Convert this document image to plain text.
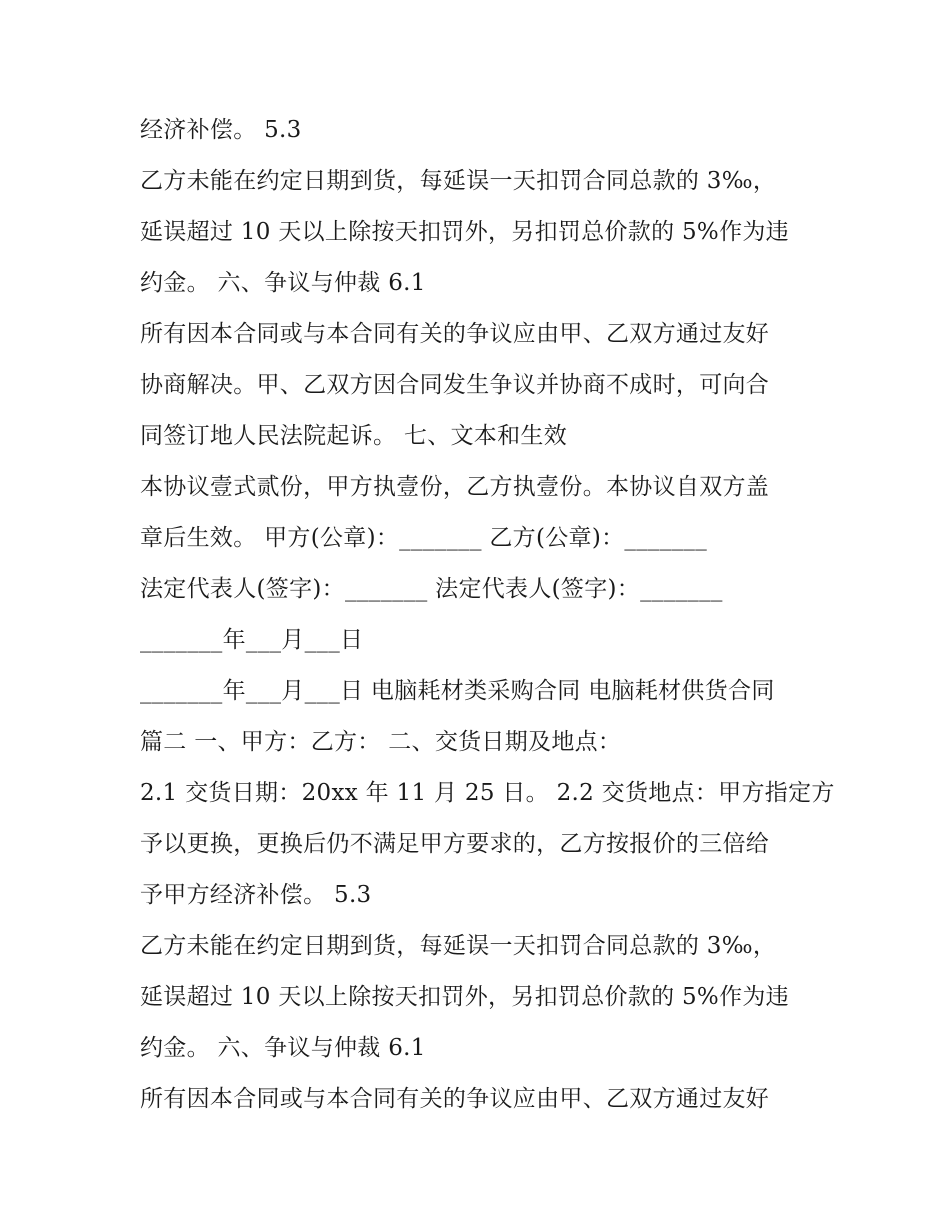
经济补偿。 5.3
乙方未能在约定日期到货，每延误一天扣罚合同总款的 3‰，
延误超过 10 天以上除按天扣罚外，另扣罚总价款的 5%作为违
约金。 六、争议与仲裁 6.1
所有因本合同或与本合同有关的争议应由甲、乙双方通过友好
协商解决。甲、乙双方因合同发生争议并协商不成时，可向合
同签订地人民法院起诉。 七、文本和生效
本协议壹式贰份，甲方执壹份，乙方执壹份。本协议自双方盖
章后生效。 甲方(公章)：_______ 乙方(公章)：_______
法定代表人(签字)：_______ 法定代表人(签字)：_______
_______年___月___日
_______年___月___日 电脑耗材类采购合同 电脑耗材供货合同
篇二 一、甲方：乙方： 二、交货日期及地点：
2.1 交货日期：20xx 年 11 月 25 日。 2.2 交货地点：甲方指定方
予以更换，更换后仍不满足甲方要求的，乙方按报价的三倍给
予甲方经济补偿。 5.3
乙方未能在约定日期到货，每延误一天扣罚合同总款的 3‰，
延误超过 10 天以上除按天扣罚外，另扣罚总价款的 5%作为违
约金。 六、争议与仲裁 6.1
所有因本合同或与本合同有关的争议应由甲、乙双方通过友好
